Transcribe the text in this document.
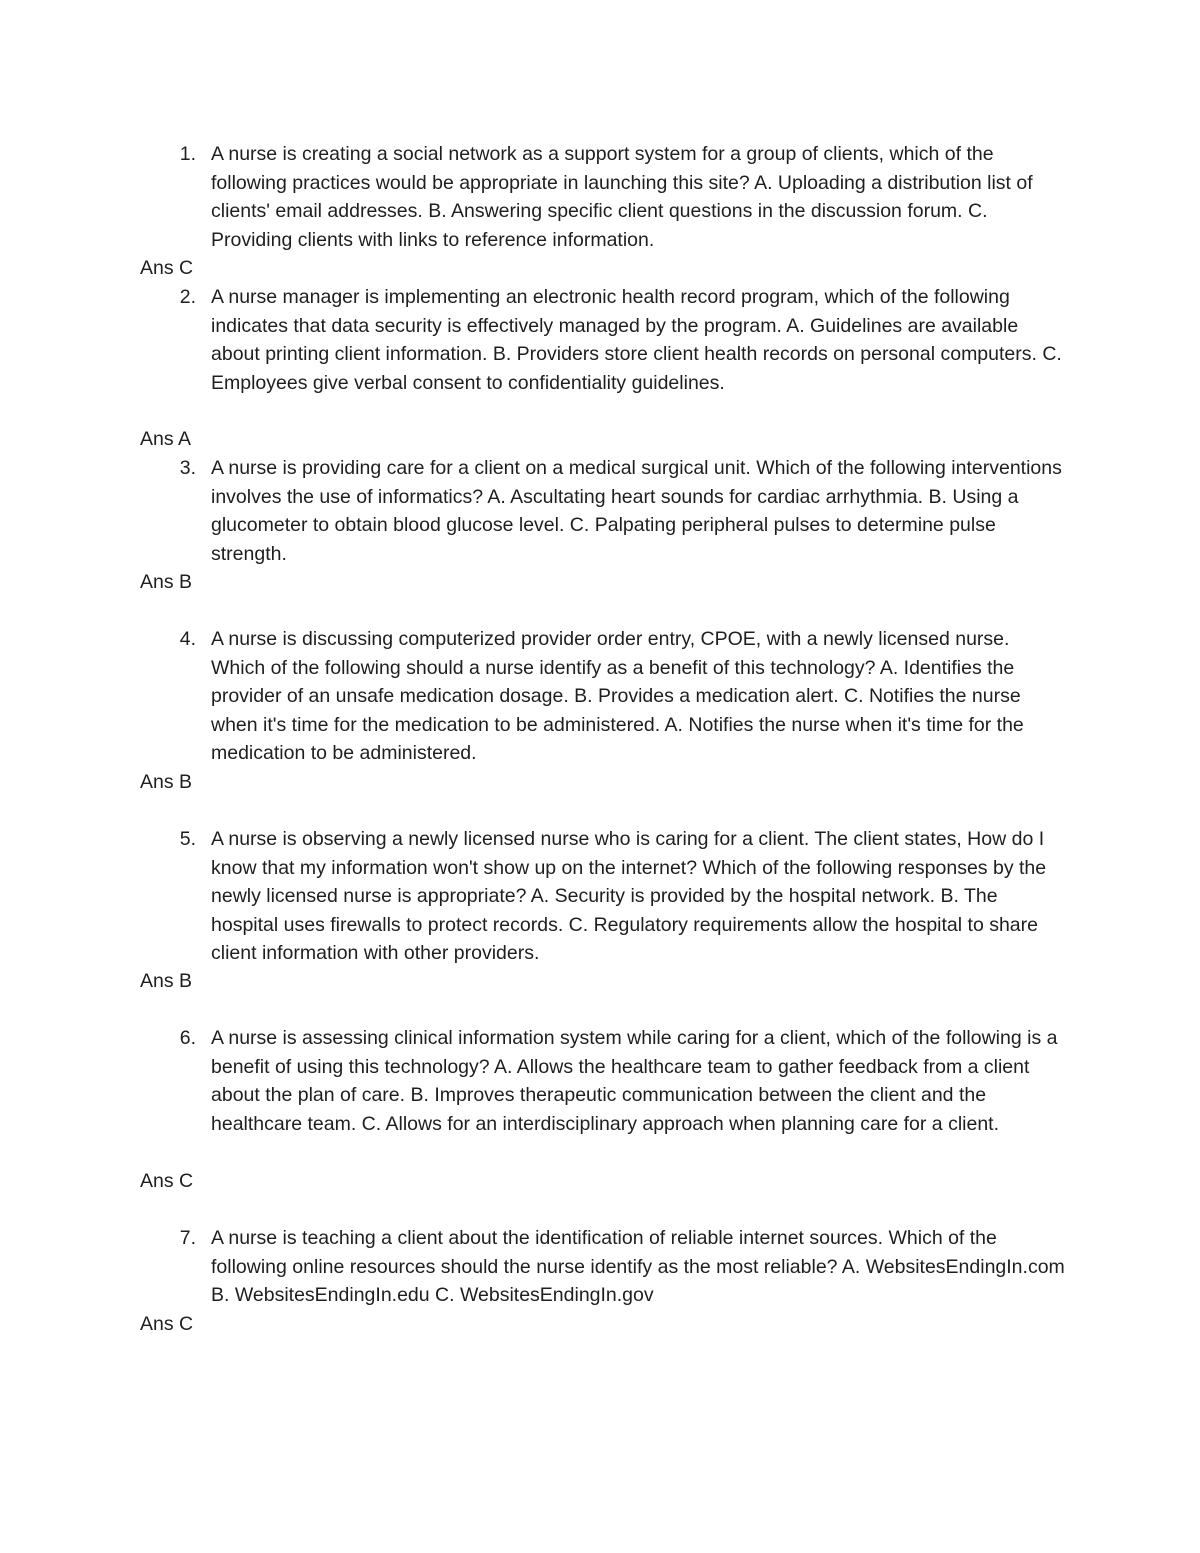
1. A nurse is creating a social network as a support system for a group of clients, which of the following practices would be appropriate in launching this site? A. Uploading a distribution list of clients' email addresses. B. Answering specific client questions in the discussion forum. C. Providing clients with links to reference information.
Ans C
2. A nurse manager is implementing an electronic health record program, which of the following indicates that data security is effectively managed by the program. A. Guidelines are available about printing client information. B. Providers store client health records on personal computers. C. Employees give verbal consent to confidentiality guidelines.
Ans A
3. A nurse is providing care for a client on a medical surgical unit. Which of the following interventions involves the use of informatics? A. Ascultating heart sounds for cardiac arrhythmia. B. Using a glucometer to obtain blood glucose level. C. Palpating peripheral pulses to determine pulse strength.
Ans B
4. A nurse is discussing computerized provider order entry, CPOE, with a newly licensed nurse. Which of the following should a nurse identify as a benefit of this technology? A. Identifies the provider of an unsafe medication dosage. B. Provides a medication alert. C. Notifies the nurse when it's time for the medication to be administered. A. Notifies the nurse when it's time for the medication to be administered.
Ans B
5. A nurse is observing a newly licensed nurse who is caring for a client. The client states, How do I know that my information won't show up on the internet? Which of the following responses by the newly licensed nurse is appropriate? A. Security is provided by the hospital network. B. The hospital uses firewalls to protect records. C. Regulatory requirements allow the hospital to share client information with other providers.
Ans B
6. A nurse is assessing clinical information system while caring for a client, which of the following is a benefit of using this technology? A. Allows the healthcare team to gather feedback from a client about the plan of care. B. Improves therapeutic communication between the client and the healthcare team. C. Allows for an interdisciplinary approach when planning care for a client.
Ans C
7. A nurse is teaching a client about the identification of reliable internet sources. Which of the following online resources should the nurse identify as the most reliable? A. WebsitesEndingIn.com B. WebsitesEndingIn.edu C. WebsitesEndingIn.gov
Ans C
